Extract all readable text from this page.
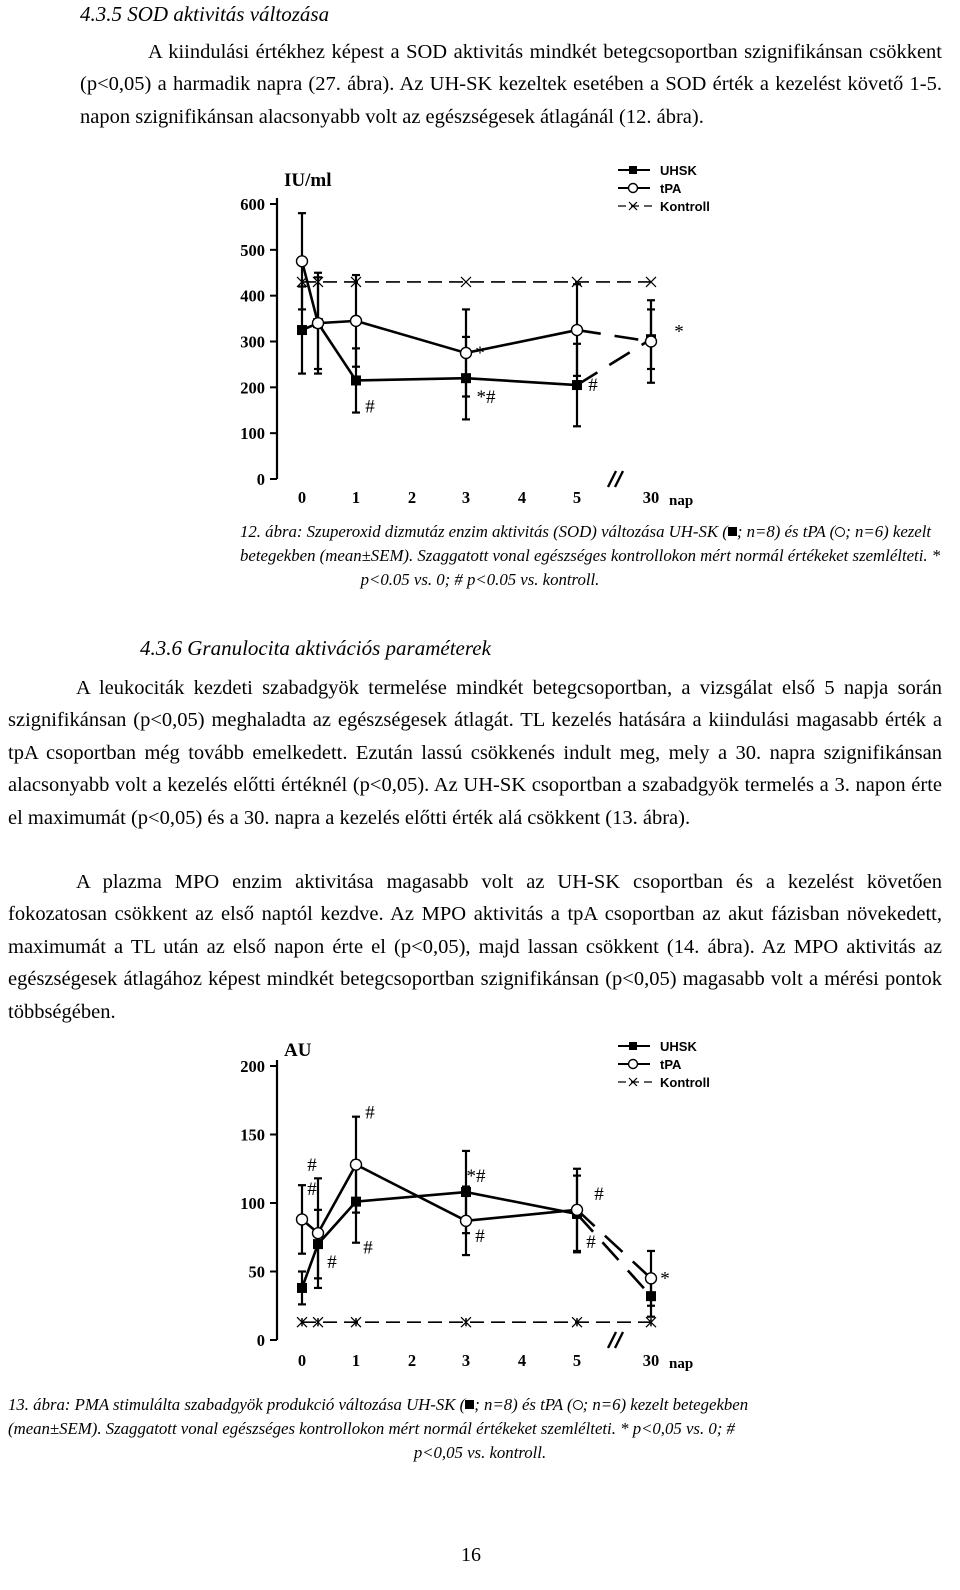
4.3.5 SOD aktivitás változása
A kiindulási értékhez képest a SOD aktivitás mindkét betegcsoportban szignifikánsan csökkent (p<0,05) a harmadik napra (27. ábra). Az UH-SK kezeltek esetében a SOD érték a kezelést követő 1-5. napon szignifikánsan alacsonyabb volt az egészségesek átlagánál (12. ábra).
0
100
200
300
400
500
600
IU/ml
0	1	2	3	4	5	30 nap
#
*
*#
#
*
UHSK
tPA
Kontroll
12. ábra: Szuperoxid dizmutáz enzim aktivitás (SOD) változása UH-SK ( ; n=8) és tPA ( ; n=6) kezelt
betegekben (mean±SEM). Szaggatott vonal egészséges kontrollokon mért normál értékeket szemlélteti. *
p<0.05 vs. 0; # p<0.05 vs. kontroll.
4.3.6 Granulocita aktivációs paraméterek
A leukociták kezdeti szabadgyök termelése mindkét betegcsoportban, a vizsgálat első 5 napja során szignifikánsan (p<0,05) meghaladta az egészségesek átlagát. TL kezelés hatására a kiindulási magasabb érték a tpA csoportban még tovább emelkedett. Ezután lassú csökkenés indult meg, mely a 30. napra szignifikánsan alacsonyabb volt a kezelés előtti értéknél (p<0,05). Az UH-SK csoportban a szabadgyök termelés a 3. napon érte el maximumát (p<0,05) és a 30. napra a kezelés előtti érték alá csökkent (13. ábra).
A plazma MPO enzim aktivitása magasabb volt az UH-SK csoportban és a kezelést követően fokozatosan csökkent az első naptól kezdve. Az MPO aktivitás a tpA csoportban az akut fázisban növekedett, maximumát a TL után az első napon érte el (p<0,05), majd lassan csökkent (14. ábra). Az MPO aktivitás az egészségesek átlagához képest mindkét betegcsoportban szignifikánsan (p<0,05) magasabb volt a mérési pontok többségében.
0
50
100
150
200
AU
0	1	2	3	4	5	30 nap
#
#
#
#
#
*#
#
#
#
*
UHSK
tPA
Kontroll
13. ábra: PMA stimulálta szabadgyök produkció változása UH-SK ( ; n=8) és tPA ( ; n=6) kezelt betegekben
(mean±SEM). Szaggatott vonal egészséges kontrollokon mért normál értékeket szemlélteti. * p<0,05 vs. 0; #
p<0,05 vs. kontroll.
16
